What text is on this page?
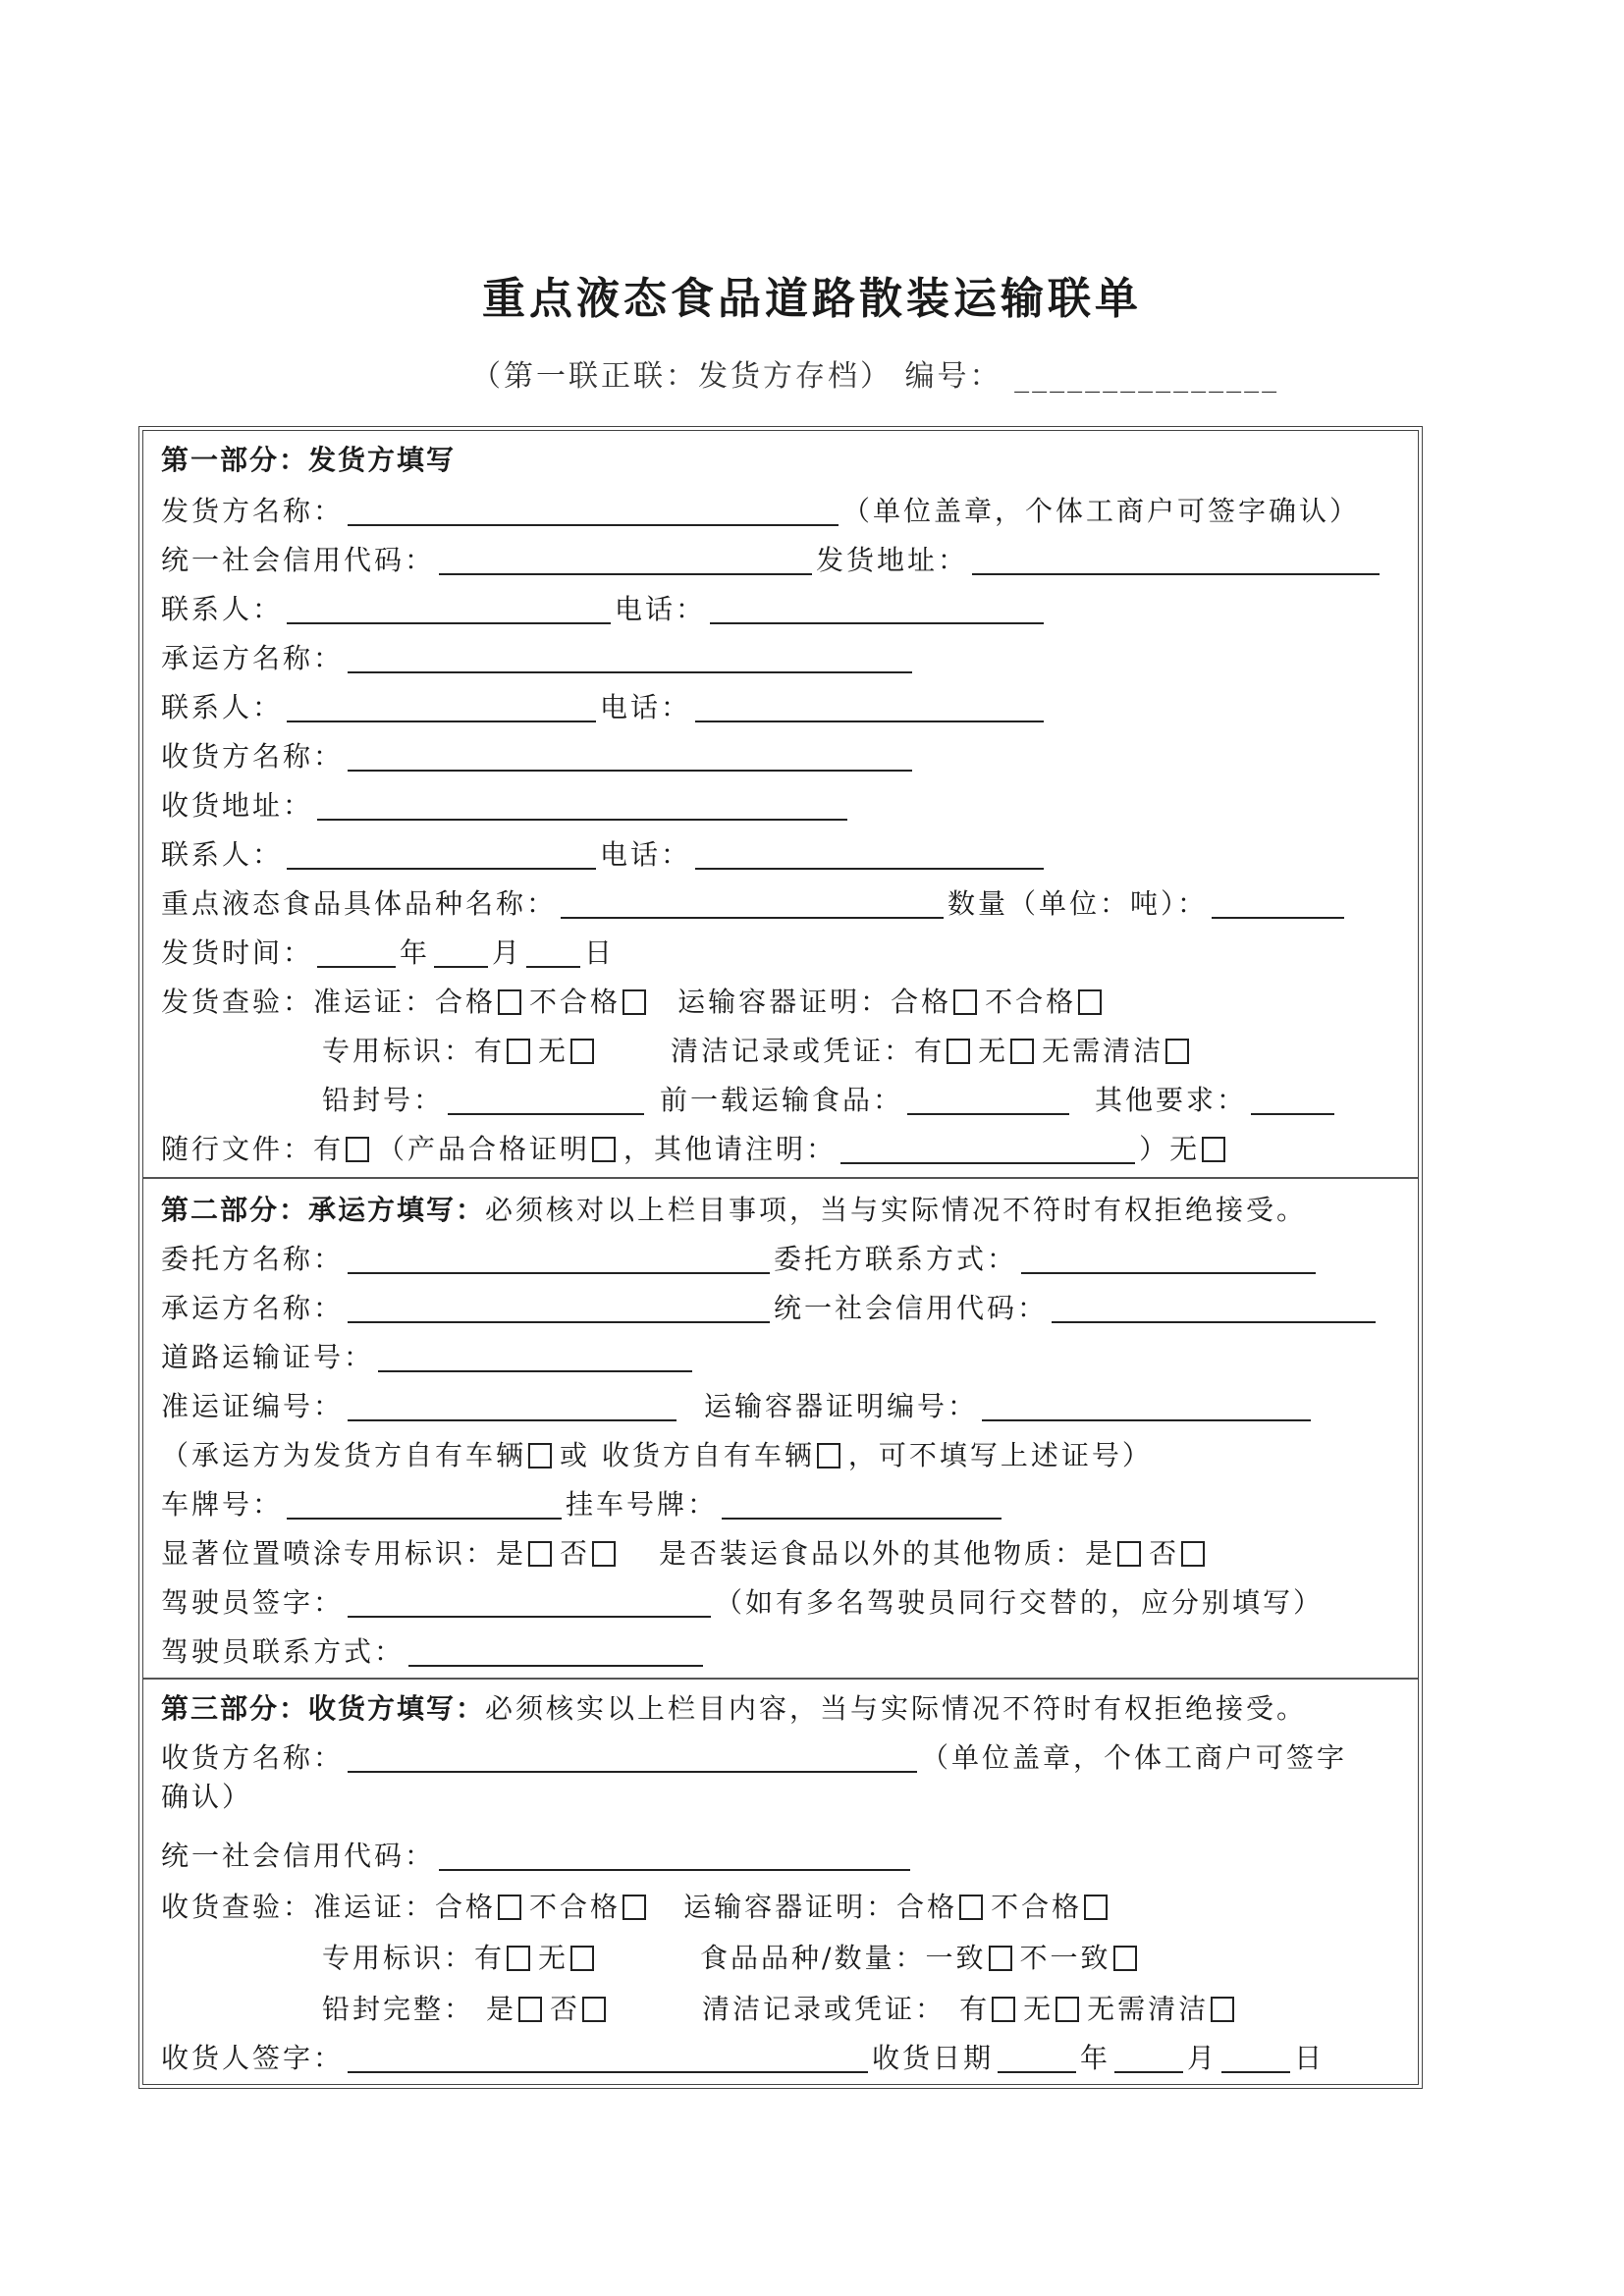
重点液态食品道路散装运输联单
（第一联正联：发货方存档） 编号： _______________
第一部分：发货方填写
发货方名称：	（单位盖章，个体工商户可签字确认）
统一社会信用代码：	发货地址：
联系人：	电话：
承运方名称：
联系人：	电话：
收货方名称：
收货地址：
联系人：	电话：
重点液态食品具体品种名称：	数量（单位：吨）：
发货时间：	年 月 日
发货查验：准运证：合格 不合格 运输容器证明：合格 不合格
专用标识：有 无	清洁记录或凭证：有 无 无需清洁
铅封号：	前一载运输食品：	其他要求：
随行文件：有 （产品合格证明 ，其他请注明：	）无
第二部分：承运方填写：必须核对以上栏目事项，当与实际情况不符时有权拒绝接受。
委托方名称：	委托方联系方式：
承运方名称：	统一社会信用代码：
道路运输证号：
准运证编号：	运输容器证明编号：
（承运方为发货方自有车辆或 收货方自有车辆 ，可不填写上述证号）
车牌号：	挂车号牌：
显著位置喷涂专用标识：是 否	是否装运食品以外的其他物质：是 否
驾驶员签字：	（如有多名驾驶员同行交替的，应分别填写）
驾驶员联系方式：
第三部分：收货方填写：必须核实以上栏目内容，当与实际情况不符时有权拒绝接受。
收货方名称：	（单位盖章，个体工商户可签字
确认）
统一社会信用代码：
收货查验：准运证：合格 不合格 运输容器证明：合格 不合格
专用标识：有 无	食品品种/数量：一致 不一致
铅封完整： 是 否	清洁记录或凭证： 有 无 无需清洁
收货人签字：	收货日期	年	月	日
